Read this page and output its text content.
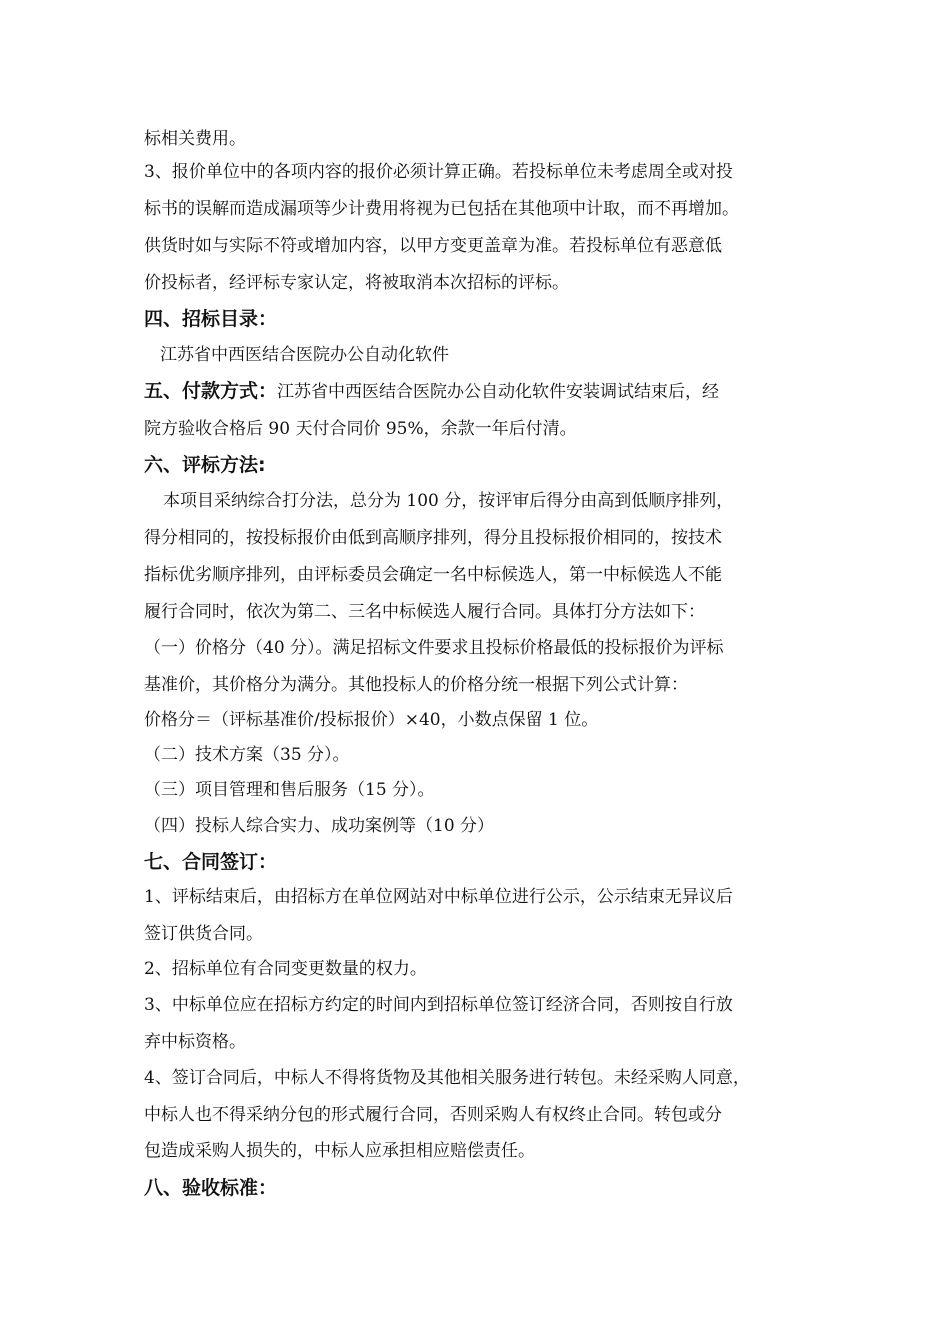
标相关费用。
3、报价单位中的各项内容的报价必须计算正确。若投标单位未考虑周全或对投
标书的误解而造成漏项等少计费用将视为已包括在其他项中计取，而不再增加。
供货时如与实际不符或增加内容，以甲方变更盖章为准。若投标单位有恶意低
价投标者，经评标专家认定，将被取消本次招标的评标。
四、招标目录：
江苏省中西医结合医院办公自动化软件
五、付款方式：江苏省中西医结合医院办公自动化软件安装调试结束后，经
院方验收合格后 90 天付合同价 95%，余款一年后付清。
六、评标方法:
本项目采纳综合打分法，总分为 100 分，按评审后得分由高到低顺序排列，
得分相同的，按投标报价由低到高顺序排列，得分且投标报价相同的，按技术
指标优劣顺序排列，由评标委员会确定一名中标候选人，第一中标候选人不能
履行合同时，依次为第二、三名中标候选人履行合同。具体打分方法如下：
（一）价格分（40 分）。满足招标文件要求且投标价格最低的投标报价为评标
基准价，其价格分为满分。其他投标人的价格分统一根据下列公式计算：
价格分＝（评标基准价/投标报价）×40，小数点保留 1 位。
（二）技术方案（35 分）。
（三）项目管理和售后服务（15 分）。
（四）投标人综合实力、成功案例等（10 分）
七、合同签订：
1、评标结束后，由招标方在单位网站对中标单位进行公示，公示结束无异议后
签订供货合同。
2、招标单位有合同变更数量的权力。
3、中标单位应在招标方约定的时间内到招标单位签订经济合同，否则按自行放
弃中标资格。
4、签订合同后，中标人不得将货物及其他相关服务进行转包。未经采购人同意，
中标人也不得采纳分包的形式履行合同，否则采购人有权终止合同。转包或分
包造成采购人损失的，中标人应承担相应赔偿责任。
八、验收标准：
